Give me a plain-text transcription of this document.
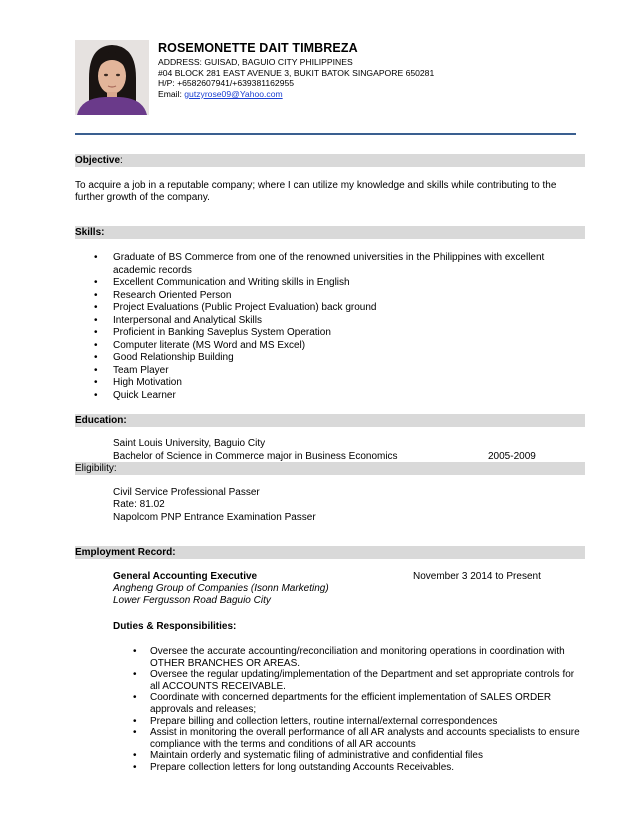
ROSEMONETTE DAIT TIMBREZA
ADDRESS: GUISAD, BAGUIO CITY PHILIPPINES
#04 BLOCK 281 EAST AVENUE 3, BUKIT BATOK SINGAPORE 650281
H/P: +6582607941/+639381162955
Email: gutzyrose09@Yahoo.com
Objective:
To acquire a job in a reputable company; where I can utilize my knowledge and skills while contributing to the further growth of the company.
Skills:
• Graduate of BS Commerce from one of the renowned universities in the Philippines with excellent academic records
• Excellent Communication and Writing skills in English
• Research Oriented Person
• Project Evaluations (Public Project Evaluation) back ground
• Interpersonal and Analytical Skills
• Proficient in Banking Saveplus System Operation
• Computer literate (MS Word and MS Excel)
• Good Relationship Building
• Team Player
• High Motivation
• Quick Learner
Education:
Saint Louis University, Baguio City
Bachelor of Science in Commerce major in Business Economics	2005-2009
Eligibility:
Civil Service Professional Passer
Rate: 81.02
Napolcom PNP Entrance Examination Passer
Employment Record:
General Accounting Executive	November 3 2014 to Present
Angheng Group of Companies (Isonn Marketing)
Lower Fergusson Road Baguio City
Duties & Responsibilities:
• Oversee the accurate accounting/reconciliation and monitoring operations in coordination with OTHER BRANCHES OR AREAS.
• Oversee the regular updating/implementation of the Department and set appropriate controls for all ACCOUNTS RECEIVABLE.
• Coordinate with concerned departments for the efficient implementation of SALES ORDER approvals and releases;
• Prepare billing and collection letters, routine internal/external correspondences
• Assist in monitoring the overall performance of all AR analysts and accounts specialists to ensure compliance with the terms and conditions of all AR accounts
• Maintain orderly and systematic filing of administrative and confidential files
• Prepare collection letters for long outstanding Accounts Receivables.
